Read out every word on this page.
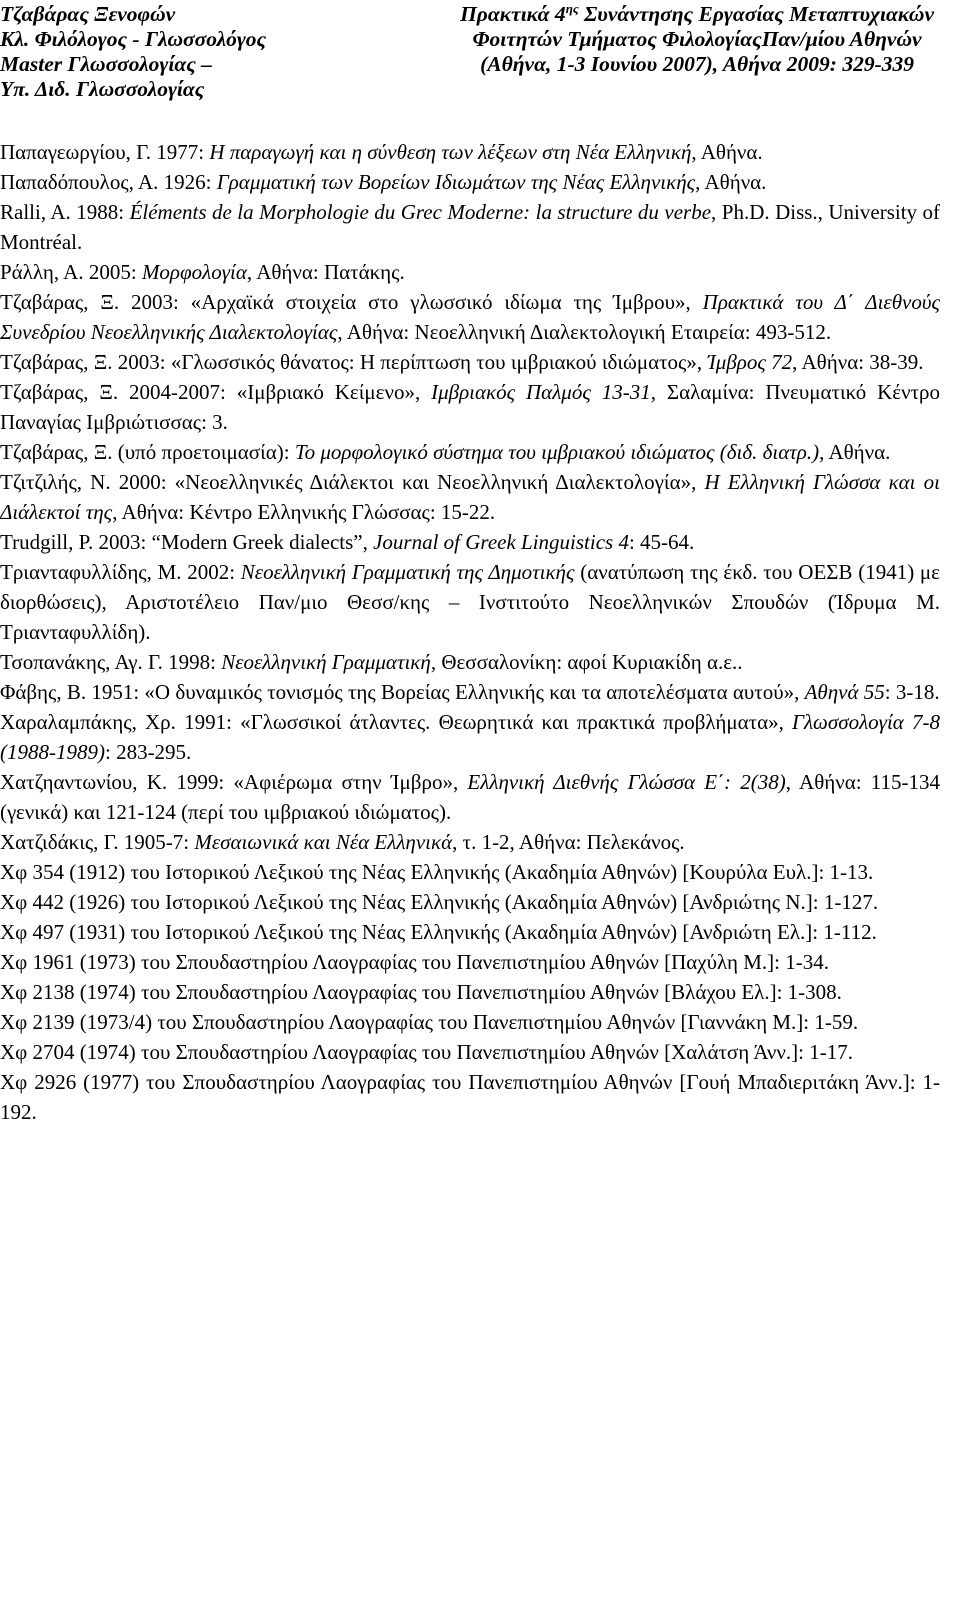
Τζαβάρας Ξενοφών
Κλ. Φιλόλογος - Γλωσσολόγος
Master Γλωσσολογίας –
Υπ. Διδ. Γλωσσολογίας
Πρακτικά $4^{\eta\varsigma}$ Συνάντησης Εργασίας Μεταπτυχιακών
Φοιτητών Τμήματος ΦιλολογίαςΠαν/μίου Αθηνών
(Αθήνα, 1-3 Ιουνίου 2007), Αθήνα 2009: 329-339

Παπαγεωργίου, Γ. 1977: Η παραγωγή και η σύνθεση των λέξεων στη Νέα Ελληνική, Αθήνα.

Παπαδόπουλος, Α. 1926: Γραμματική των Βορείων Ιδιωμάτων της Νέας Ελληνικής, Αθήνα.

Ralli, A. 1988: Éléments de la Morphologie du Grec Moderne: la structure du verbe, Ph.D. Diss., University of Montréal.

Ράλλη, Α. 2005: Μορφολογία, Αθήνα: Πατάκης.

Τζαβάρας, Ξ. 2003: «Αρχαϊκά στοιχεία στο γλωσσικό ιδίωμα της Ίμβρου», Πρακτικά του Δ΄ Διεθνούς Συνεδρίου Νεοελληνικής Διαλεκτολογίας, Αθήνα: Νεοελληνική Διαλεκτολογική Εταιρεία: 493-512.

Τζαβάρας, Ξ. 2003: «Γλωσσικός θάνατος: Η περίπτωση του ιμβριακού ιδιώματος», Ίμβρος 72, Αθήνα: 38-39.

Τζαβάρας, Ξ. 2004-2007: «Ιμβριακό Κείμενο», Ιμβριακός Παλμός 13-31, Σαλαμίνα: Πνευματικό Κέντρο Παναγίας Ιμβριώτισσας: 3.

Τζαβάρας, Ξ. (υπό προετοιμασία): Το μορφολογικό σύστημα του ιμβριακού ιδιώματος (διδ. διατρ.), Αθήνα.

Τζιτζιλής, Ν. 2000: «Νεοελληνικές Διάλεκτοι και Νεοελληνική Διαλεκτολογία», Η Ελληνική Γλώσσα και οι Διάλεκτοί της, Αθήνα: Κέντρο Ελληνικής Γλώσσας: 15-22.

Trudgill, P. 2003: “Modern Greek dialects”, Journal of Greek Linguistics 4: 45-64.

Τριανταφυλλίδης, Μ. 2002: Νεοελληνική Γραμματική της Δημοτικής (ανατύπωση της έκδ. του ΟΕΣΒ (1941) με διορθώσεις), Αριστοτέλειο Παν/μιο Θεσσ/κης – Ινστιτούτο Νεοελληνικών Σπουδών (Ίδρυμα Μ. Τριανταφυλλίδη).

Τσοπανάκης, Αγ. Γ. 1998: Νεοελληνική Γραμματική, Θεσσαλονίκη: αφοί Κυριακίδη α.ε..

Φάβης, Β. 1951: «Ο δυναμικός τονισμός της Βορείας Ελληνικής και τα αποτελέσματα αυτού», Αθηνά 55: 3-18.

Χαραλαμπάκης, Χρ. 1991: «Γλωσσικοί άτλαντες. Θεωρητικά και πρακτικά προβλήματα», Γλωσσολογία 7-8 (1988-1989): 283-295.

Χατζηαντωνίου, Κ. 1999: «Αφιέρωμα στην Ίμβρο», Ελληνική Διεθνής Γλώσσα Ε΄: 2(38), Αθήνα: 115-134 (γενικά) και 121-124 (περί του ιμβριακού ιδιώματος).

Χατζιδάκις, Γ. 1905-7: Μεσαιωνικά και Νέα Ελληνικά, τ. 1-2, Αθήνα: Πελεκάνος.

Χφ 354 (1912) του Ιστορικού Λεξικού της Νέας Ελληνικής (Ακαδημία Αθηνών) [Κουρύλα Ευλ.]: 1-13.

Χφ 442 (1926) του Ιστορικού Λεξικού της Νέας Ελληνικής (Ακαδημία Αθηνών) [Ανδριώτης Ν.]: 1-127.

Χφ 497 (1931) του Ιστορικού Λεξικού της Νέας Ελληνικής (Ακαδημία Αθηνών) [Ανδριώτη Ελ.]: 1-112.

Χφ 1961 (1973) του Σπουδαστηρίου Λαογραφίας του Πανεπιστημίου Αθηνών [Παχύλη Μ.]: 1-34.

Χφ 2138 (1974) του Σπουδαστηρίου Λαογραφίας του Πανεπιστημίου Αθηνών [Βλάχου Ελ.]: 1-308.

Χφ 2139 (1973/4) του Σπουδαστηρίου Λαογραφίας του Πανεπιστημίου Αθηνών [Γιαννάκη Μ.]: 1-59.

Χφ 2704 (1974) του Σπουδαστηρίου Λαογραφίας του Πανεπιστημίου Αθηνών [Χαλάτση Άνν.]: 1-17.

Χφ 2926 (1977) του Σπουδαστηρίου Λαογραφίας του Πανεπιστημίου Αθηνών [Γουή Μπαδιεριτάκη Άνν.]: 1-192.
